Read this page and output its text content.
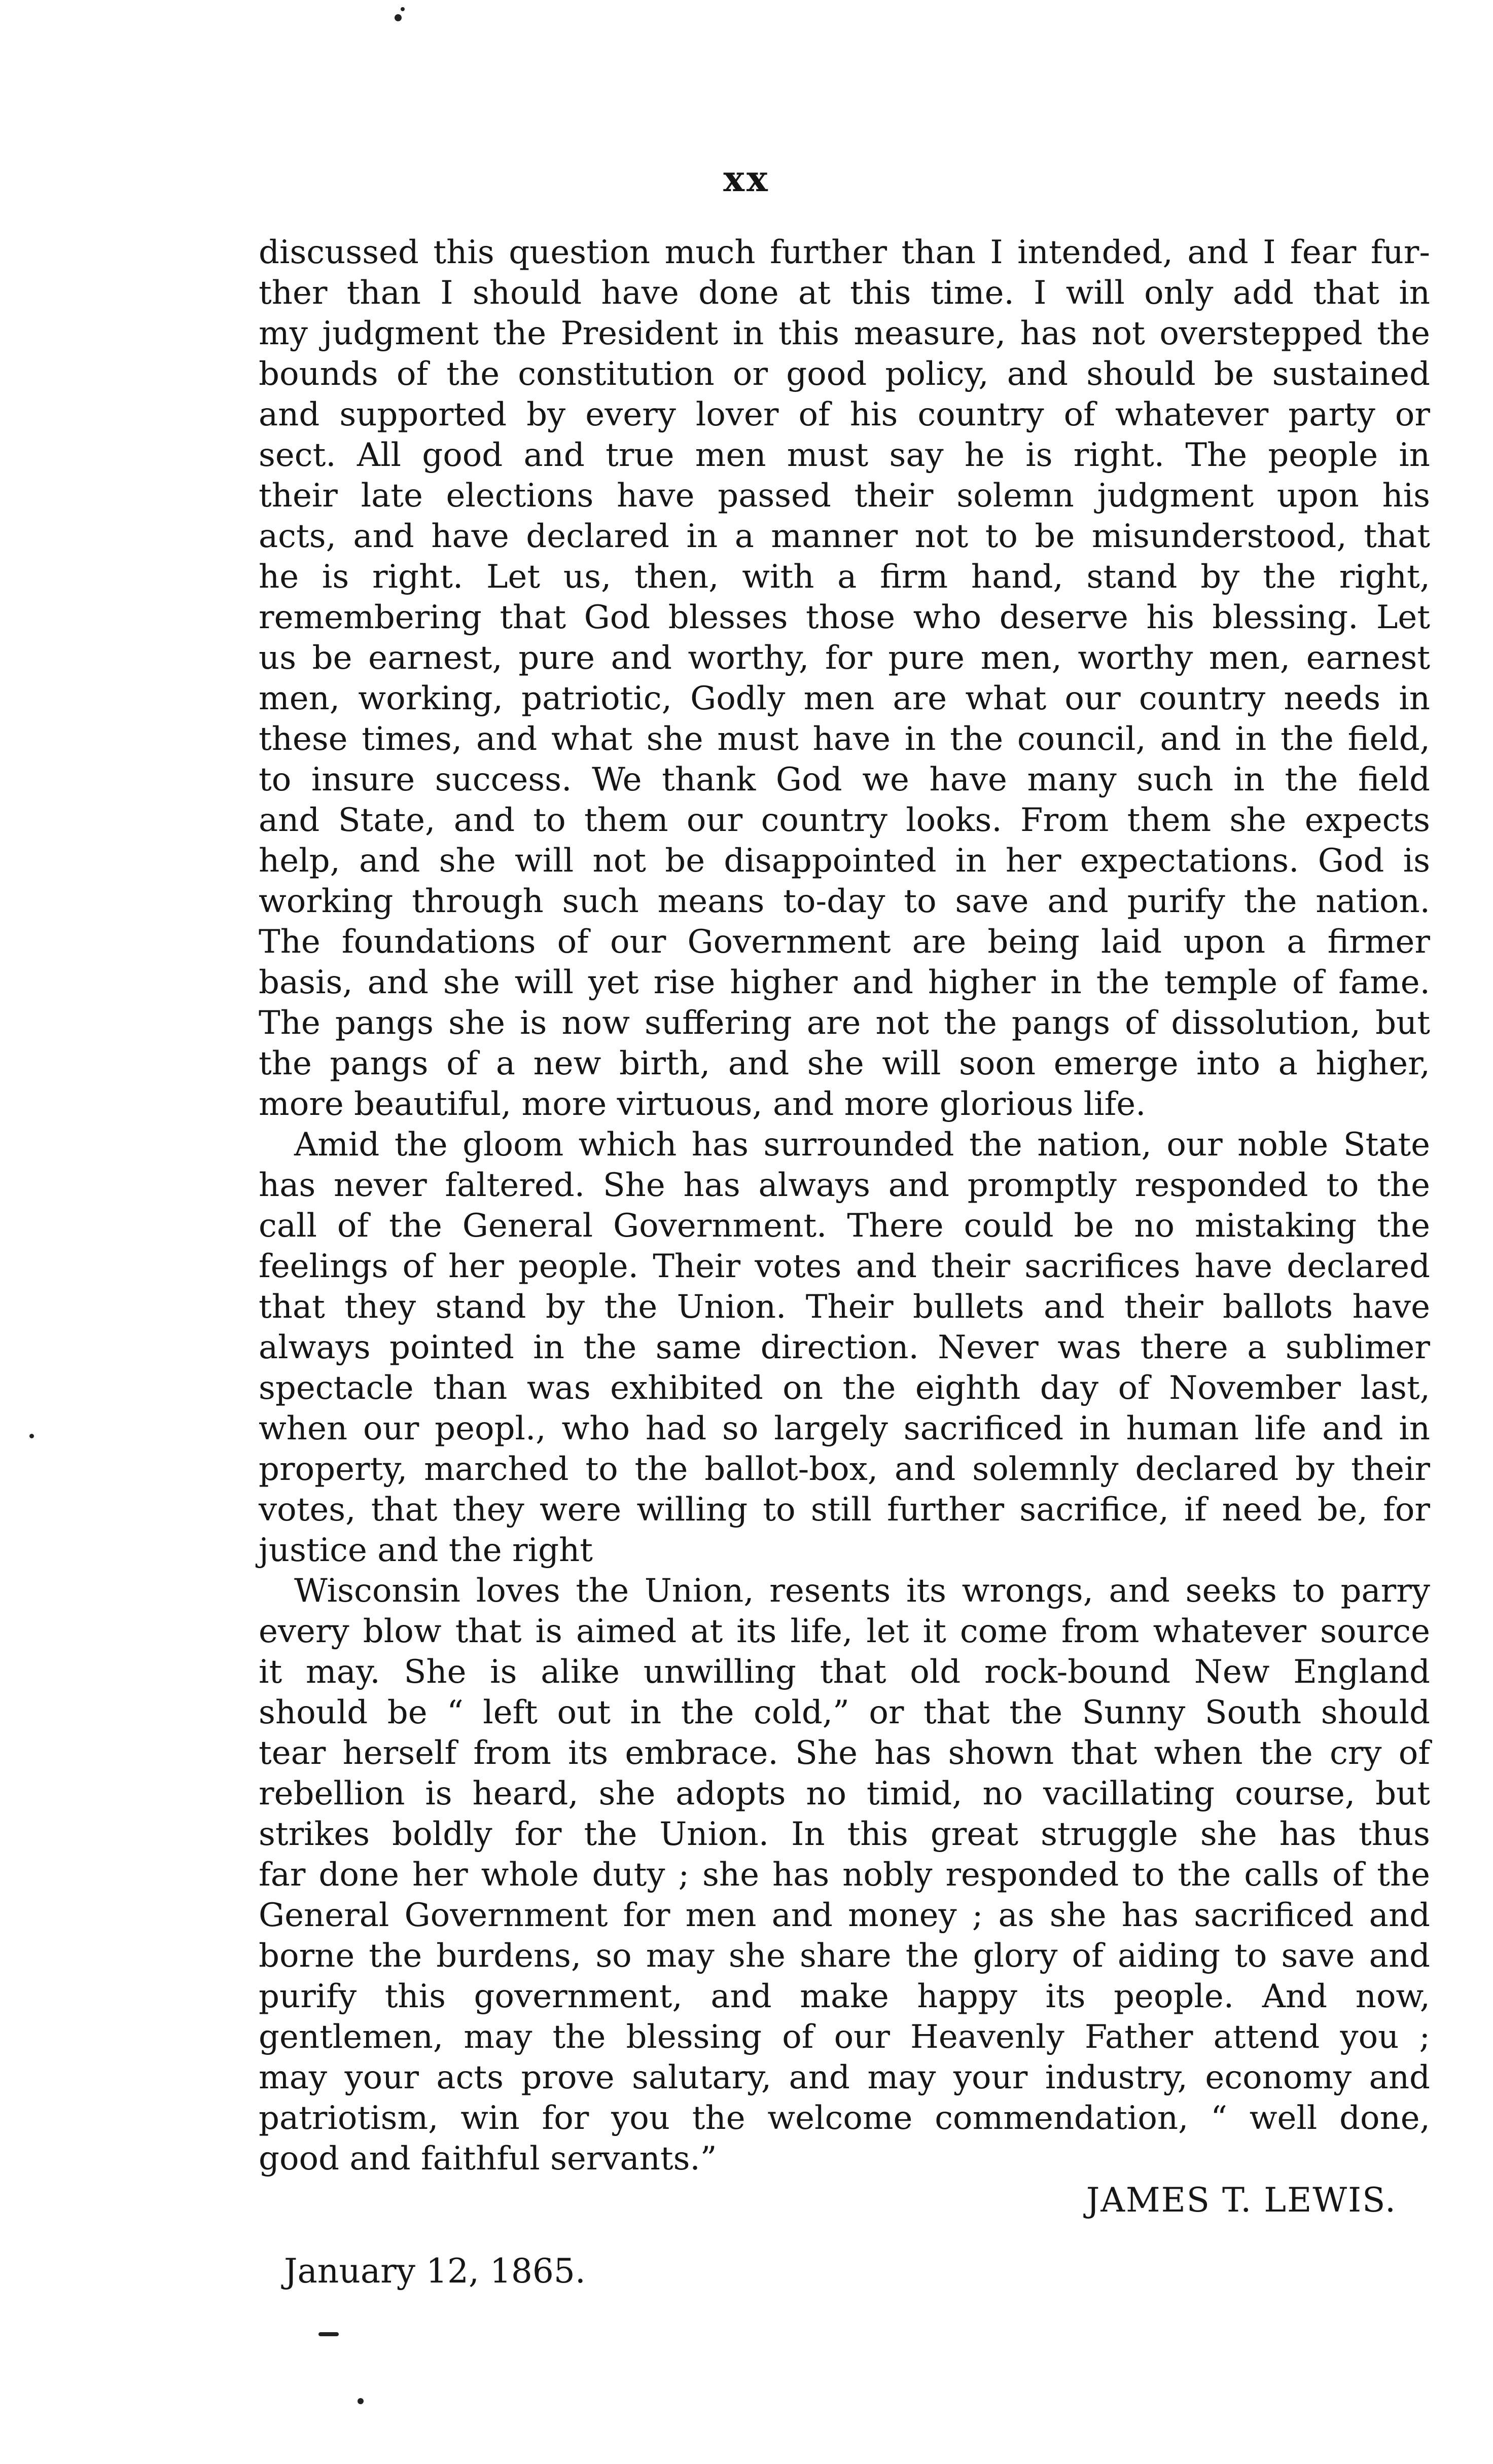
xx

discussed this question much further than I intended, and I fear fur-
ther than I should have done at this time. I will only add that in
my judgment the President in this measure, has not overstepped the
bounds of the constitution or good policy, and should be sustained
and supported by every lover of his country of whatever party or
sect. All good and true men must say he is right. The people in
their late elections have passed their solemn judgment upon his
acts, and have declared in a manner not to be misunderstood, that
he is right. Let us, then, with a firm hand, stand by the right,
remembering that God blesses those who deserve his blessing. Let
us be earnest, pure and worthy, for pure men, worthy men, earnest
men, working, patriotic, Godly men are what our country needs in
these times, and what she must have in the council, and in the field,
to insure success. We thank God we have many such in the field
and State, and to them our country looks. From them she expects
help, and she will not be disappointed in her expectations. God is
working through such means to-day to save and purify the nation.
The foundations of our Government are being laid upon a firmer
basis, and she will yet rise higher and higher in the temple of fame.
The pangs she is now suffering are not the pangs of dissolution, but
the pangs of a new birth, and she will soon emerge into a higher,
more beautiful, more virtuous, and more glorious life.

Amid the gloom which has surrounded the nation, our noble State
has never faltered. She has always and promptly responded to the
call of the General Government. There could be no mistaking the
feelings of her people. Their votes and their sacrifices have declared
that they stand by the Union. Their bullets and their ballots have
always pointed in the same direction. Never was there a sublimer
spectacle than was exhibited on the eighth day of November last,
when our peopl., who had so largely sacrificed in human life and in
property, marched to the ballot-box, and solemnly declared by their
votes, that they were willing to still further sacrifice, if need be, for
justice and the right

Wisconsin loves the Union, resents its wrongs, and seeks to parry
every blow that is aimed at its life, let it come from whatever source
it may. She is alike unwilling that old rock-bound New England
should be “ left out in the cold,” or that the Sunny South should
tear herself from its embrace. She has shown that when the cry of
rebellion is heard, she adopts no timid, no vacillating course, but
strikes boldly for the Union. In this great struggle she has thus
far done her whole duty ; she has nobly responded to the calls of the
General Government for men and money ; as she has sacrificed and
borne the burdens, so may she share the glory of aiding to save and
purify this government, and make happy its people. And now,
gentlemen, may the blessing of our Heavenly Father attend you ;
may your acts prove salutary, and may your industry, economy and
patriotism, win for you the welcome commendation, “ well done,
good and faithful servants.”

JAMES T. LEWIS.
January 12, 1865.
